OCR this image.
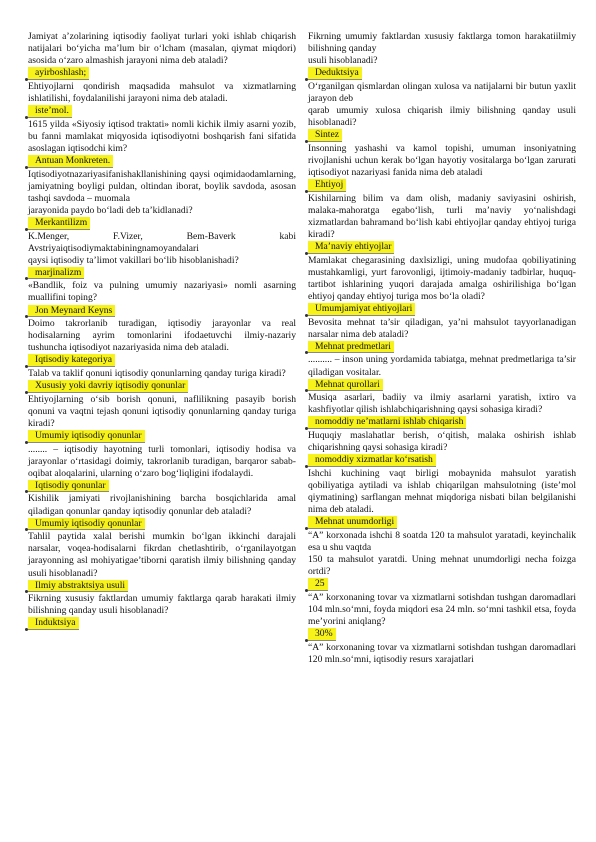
Jamiyat a’zolarining iqtisodiy faoliyat turlari yoki ishlab chiqarish natijalari bo‘yicha ma’lum bir o‘lcham (masalan, qiymat miqdori) asosida o‘zaro almashish jarayoni nima deb ataladi?
ayirboshlash;
Ehtiyojlarni qondirish maqsadida mahsulot va xizmatlarning ishlatilishi, foydalanilishi jarayoni nima deb ataladi.
iste’mol.
1615 yilda «Siyosiy iqtisod traktati» nomli kichik ilmiy asarni yozib, bu fanni mamlakat miqyosida iqtisodiyotni boshqarish fani sifatida asoslagan iqtisodchi kim?
Antuan Monkreten.
Iqtisodiyotnazariyasifanishakllanishining qaysi oqimidaodamlarning, jamiyatning boyligi puldan, oltindan iborat, boylik savdoda, asosan tashqi savdoda – muomala
jarayonida paydo bo‘ladi deb ta’kidlanadi?
Merkantilizm
K.Menger, F.Vizer, Bem-Baverk kabi Avstriyaiqtisodiymaktabiningnamoyandalari
qaysi iqtisodiy ta’limot vakillari bo‘lib hisoblanishadi?
marjinalizm
«Bandlik, foiz va pulning umumiy nazariyasi» nomli asarning muallifini toping?
Jon Meynard Keyns
Doimo takrorlanib turadigan, iqtisodiy jarayonlar va real hodisalarning ayrim tomonlarini ifodaetuvchi ilmiy-nazariy tushuncha iqtisodiyot nazariyasida nima deb ataladi.
Iqtisodiy kategoriya
Talab va taklif qonuni iqtisodiy qonunlarning qanday turiga kiradi?
Xususiy yoki davriy iqtisodiy qonunlar
Ehtiyojlarning o‘sib borish qonuni, naflilikning pasayib borish qonuni va vaqtni tejash qonuni iqtisodiy qonunlarning qanday turiga kiradi?
Umumiy iqtisodiy qonunlar
........ – iqtisodiy hayotning turli tomonlari, iqtisodiy hodisa va jarayonlar o‘rtasidagi doimiy, takrorlanib turadigan, barqaror sabab-oqibat aloqalarini, ularning o‘zaro bog‘liqligini ifodalaydi.
Iqtisodiy qonunlar
Kishilik jamiyati rivojlanishining barcha bosqichlarida amal qiladigan qonunlar qanday iqtisodiy qonunlar deb ataladi?
Umumiy iqtisodiy qonunlar
Tahlil paytida xalal berishi mumkin bo‘lgan ikkinchi darajali narsalar, voqea-hodisalarni fikrdan chetlashtirib, o‘rganilayotgan jarayonning asl mohiyatigae’tiborni qaratish ilmiy bilishning qanday usuli hisoblanadi?
Ilmiy abstraktsiya usuli
Fikrning xususiy faktlardan umumiy faktlarga qarab harakati ilmiy bilishning qanday usuli hisoblanadi?
Induktsiya
Fikrning umumiy faktlardan xususiy faktlarga tomon harakatiilmiy bilishning qanday
usuli hisoblanadi?
Deduktsiya
O‘rganilgan qismlardan olingan xulosa va natijalarni bir butun yaxlit jarayon deb
qarab umumiy xulosa chiqarish ilmiy bilishning qanday usuli hisoblanadi?
Sintez
Insonning yashashi va kamol topishi, umuman insoniyatning rivojlanishi uchun kerak bo‘lgan hayotiy vositalarga bo‘lgan zarurati iqtisodiyot nazariyasi fanida nima deb ataladi
Ehtiyoj
Kishilarning bilim va dam olish, madaniy saviyasini oshirish, malaka-mahoratga egabo‘lish, turli ma’naviy yo‘nalishdagi xizmatlardan bahramand bo‘lish kabi ehtiyojlar qanday ehtiyoj turiga kiradi?
Ma’naviy ehtiyojlar
Mamlakat chegarasining daxlsizligi, uning mudofaa qobiliyatining mustahkamligi, yurt farovonligi, ijtimoiy-madaniy tadbirlar, huquq-tartibot ishlarining yuqori darajada amalga oshirilishiga bo‘lgan ehtiyoj qanday ehtiyoj turiga mos bo‘la oladi?
Umumjamiyat ehtiyojlari
Bevosita mehnat ta’sir qiladigan, ya’ni mahsulot tayyorlanadigan narsalar nima deb ataladi?
Mehnat predmetlari
.......... – inson uning yordamida tabiatga, mehnat predmetlariga ta’sir qiladigan vositalar.
Mehnat qurollari
Musiqa asarlari, badiiy va ilmiy asarlarni yaratish, ixtiro va kashfiyotlar qilish ishlabchiqarishning qaysi sohasiga kiradi?
nomoddiy ne’matlarni ishlab chiqarish
Huquqiy maslahatlar berish, o‘qitish, malaka oshirish ishlab chiqarishning qaysi sohasiga kiradi?
nomoddiy xizmatlar ko‘rsatish
Ishchi kuchining vaqt birligi mobaynida mahsulot yaratish qobiliyatiga aytiladi va ishlab chiqarilgan mahsulotning (iste’mol qiymatining) sarflangan mehnat miqdoriga nisbati bilan belgilanishi nima deb ataladi.
Mehnat unumdorligi
“A” korxonada ishchi 8 soatda 120 ta mahsulot yaratadi, keyinchalik esa u shu vaqtda
150 ta mahsulot yaratdi. Uning mehnat unumdorligi necha foizga ortdi?
25
“A” korxonaning tovar va xizmatlarni sotishdan tushgan daromadlari 104 mln.so‘mni, foyda miqdori esa 24 mln. so‘mni tashkil etsa, foyda me’yorini aniqlang?
30%
“A” korxonaning tovar va xizmatlarni sotishdan tushgan daromadlari 120 mln.so‘mni, iqtisodiy resurs xarajatlari
